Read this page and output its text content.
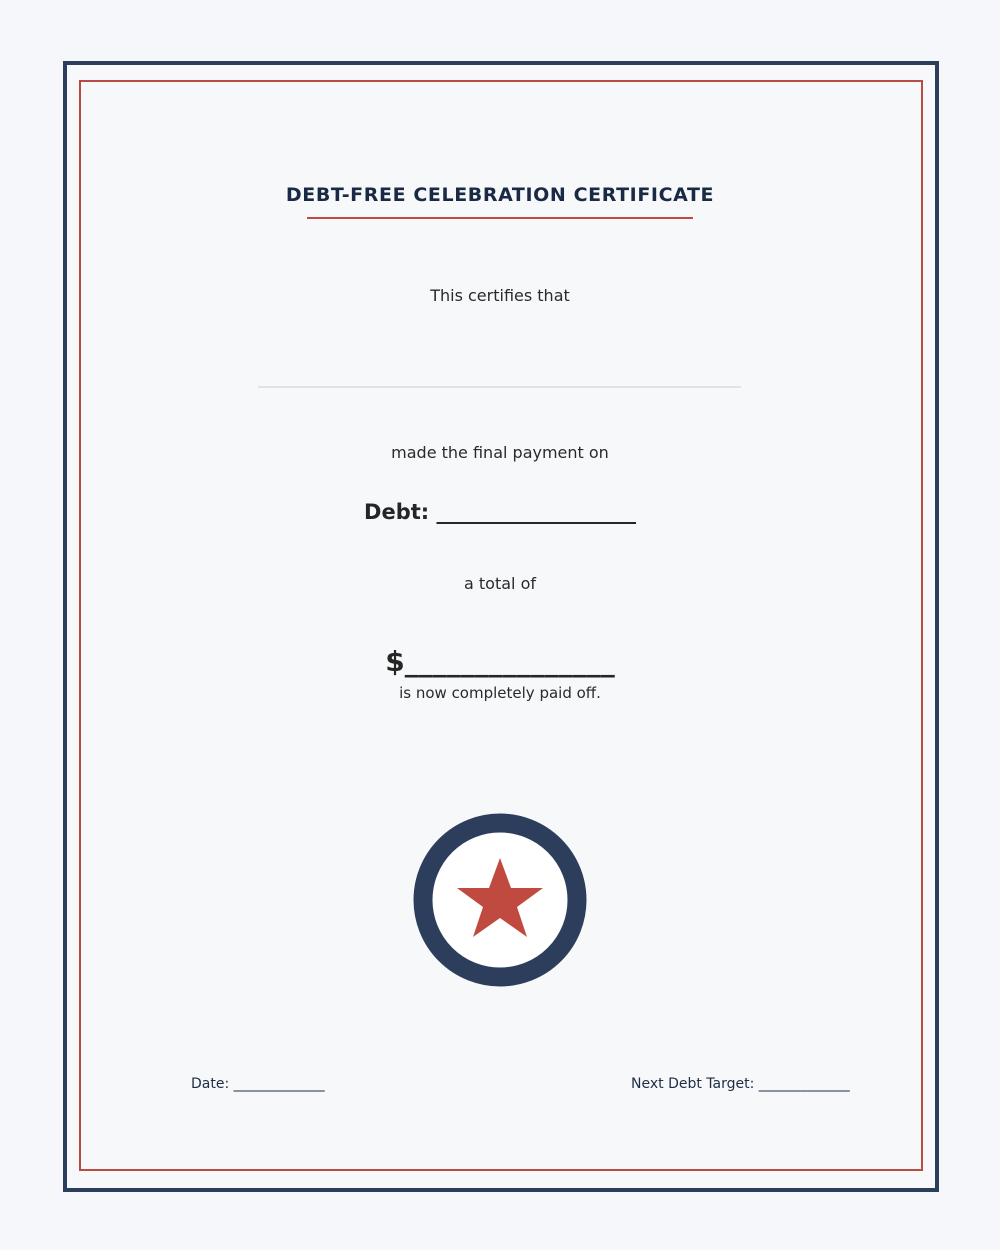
DEBT-FREE CELEBRATION CERTIFICATE
This certifies that
made the final payment on
Debt: ___________________
a total of
$_______________
is now completely paid off.
Date: _____________	Next Debt Target: _____________
